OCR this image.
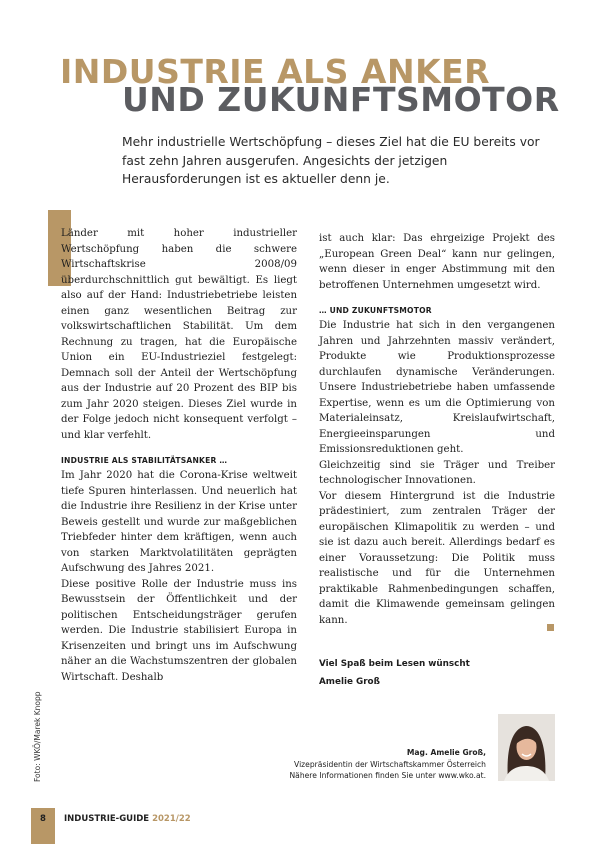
INDUSTRIE ALS ANKER
UND ZUKUNFTSMOTOR
Mehr industrielle Wertschöpfung – dieses Ziel hat die EU bereits vor fast zehn Jahren ausgerufen. Angesichts der jetzigen Herausforderungen ist es aktueller denn je.

Länder mit hoher industrieller Wertschöpfung haben die schwere Wirtschaftskrise 2008/09 überdurchschnittlich gut bewältigt. Es liegt also auf der Hand: Industriebetriebe leisten einen ganz wesentlichen Beitrag zur volkswirtschaftlichen Stabilität. Um dem Rechnung zu tragen, hat die Europäische Union ein EU-Industrieziel festgelegt: Demnach soll der Anteil der Wertschöpfung aus der Industrie auf 20 Prozent des BIP bis zum Jahr 2020 steigen. Dieses Ziel wurde in der Folge jedoch nicht konsequent verfolgt – und klar verfehlt.

INDUSTRIE ALS STABILITÄTSANKER …

Im Jahr 2020 hat die Corona-Krise weltweit tiefe Spuren hinterlassen. Und neuerlich hat die Industrie ihre Resilienz in der Krise unter Beweis gestellt und wurde zur maßgeblichen Triebfeder hinter dem kräftigen, wenn auch von starken Marktvolatilitäten geprägten Aufschwung des Jahres 2021.

Diese positive Rolle der Industrie muss ins Bewusstsein der Öffentlichkeit und der politischen Entscheidungsträger gerufen werden. Die Industrie stabilisiert Europa in Krisenzeiten und bringt uns im Aufschwung näher an die Wachstumszentren der globalen Wirtschaft. Deshalb

ist auch klar: Das ehrgeizige Projekt des „European Green Deal“ kann nur gelingen, wenn dieser in enger Abstimmung mit den betroffenen Unternehmen umgesetzt wird.

… UND ZUKUNFTSMOTOR

Die Industrie hat sich in den vergangenen Jahren und Jahrzehnten massiv verändert, Produkte wie Produktionsprozesse durchlaufen dynamische Veränderungen. Unsere Industriebetriebe haben umfassende Expertise, wenn es um die Optimierung von Materialeinsatz, Kreislaufwirtschaft, Energieeinsparungen und Emissionsreduktionen geht.

Gleichzeitig sind sie Träger und Treiber technologischer Innovationen.

Vor diesem Hintergrund ist die Industrie prädestiniert, zum zentralen Träger der europäischen Klimapolitik zu werden – und sie ist dazu auch bereit. Allerdings bedarf es einer Voraussetzung: Die Politik muss realistische und für die Unternehmen praktikable Rahmenbedingungen schaffen, damit die Klimawende gemeinsam gelingen kann.

Viel Spaß beim Lesen wünscht
Amelie Groß
Foto: WKÖ/Marek Knopp	Mag. Amelie Groß,
Vizepräsidentin der Wirtschaftskammer Österreich
Nähere Informationen finden Sie unter www.wko.at.
8	INDUSTRIE-GUIDE 2021/22
